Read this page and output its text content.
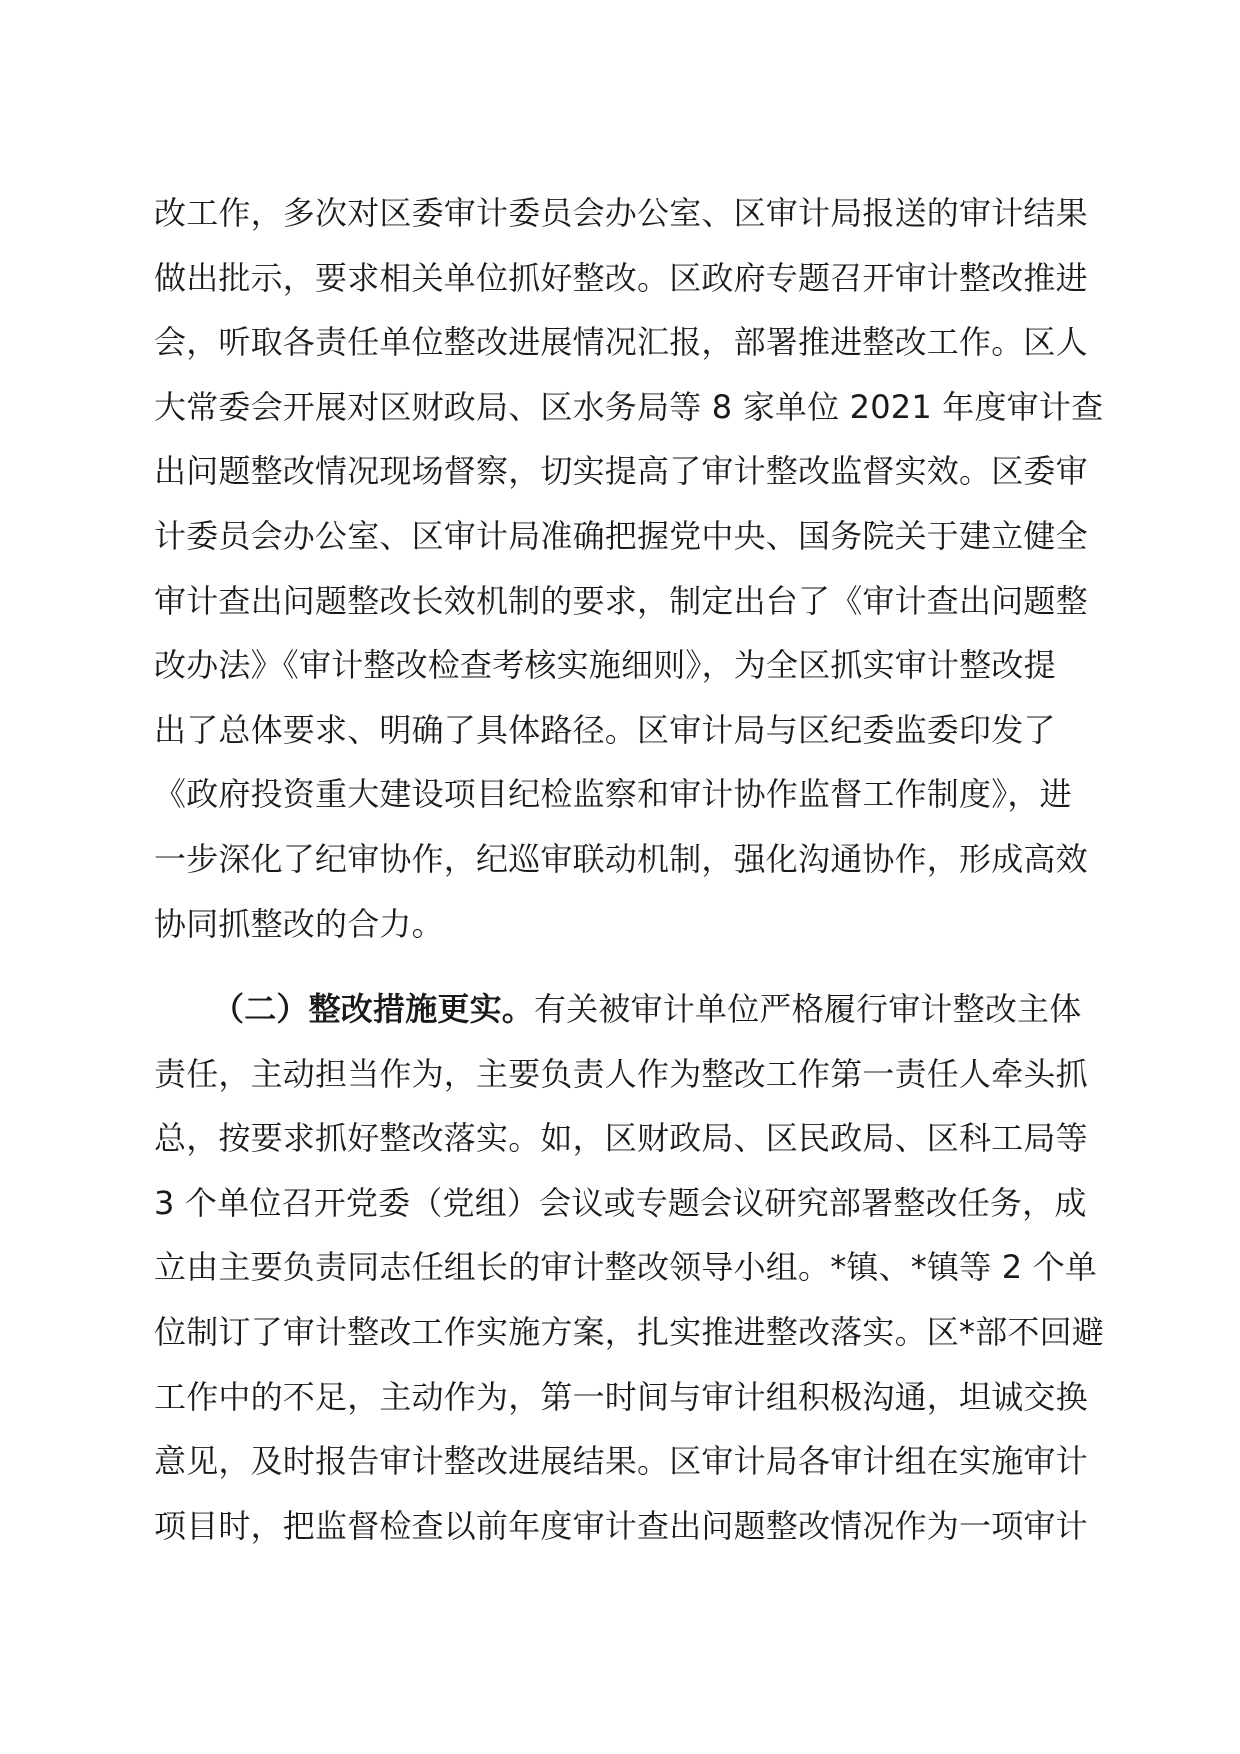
改工作，多次对区委审计委员会办公室、区审计局报送的审计结果
做出批示，要求相关单位抓好整改。区政府专题召开审计整改推进
会，听取各责任单位整改进展情况汇报，部署推进整改工作。区人
大常委会开展对区财政局、区水务局等 8 家单位 2021 年度审计查
出问题整改情况现场督察，切实提高了审计整改监督实效。区委审
计委员会办公室、区审计局准确把握党中央、国务院关于建立健全
审计查出问题整改长效机制的要求，制定出台了《审计查出问题整
改办法》《审计整改检查考核实施细则》，为全区抓实审计整改提
出了总体要求、明确了具体路径。区审计局与区纪委监委印发了
《政府投资重大建设项目纪检监察和审计协作监督工作制度》，进
一步深化了纪审协作，纪巡审联动机制，强化沟通协作，形成高效
协同抓整改的合力。
（二）整改措施更实。有关被审计单位严格履行审计整改主体
责任，主动担当作为，主要负责人作为整改工作第一责任人牵头抓
总，按要求抓好整改落实。如，区财政局、区民政局、区科工局等
3 个单位召开党委（党组）会议或专题会议研究部署整改任务，成
立由主要负责同志任组长的审计整改领导小组。*镇、*镇等 2 个单
位制订了审计整改工作实施方案，扎实推进整改落实。区*部不回避
工作中的不足，主动作为，第一时间与审计组积极沟通，坦诚交换
意见，及时报告审计整改进展结果。区审计局各审计组在实施审计
项目时，把监督检查以前年度审计查出问题整改情况作为一项审计
